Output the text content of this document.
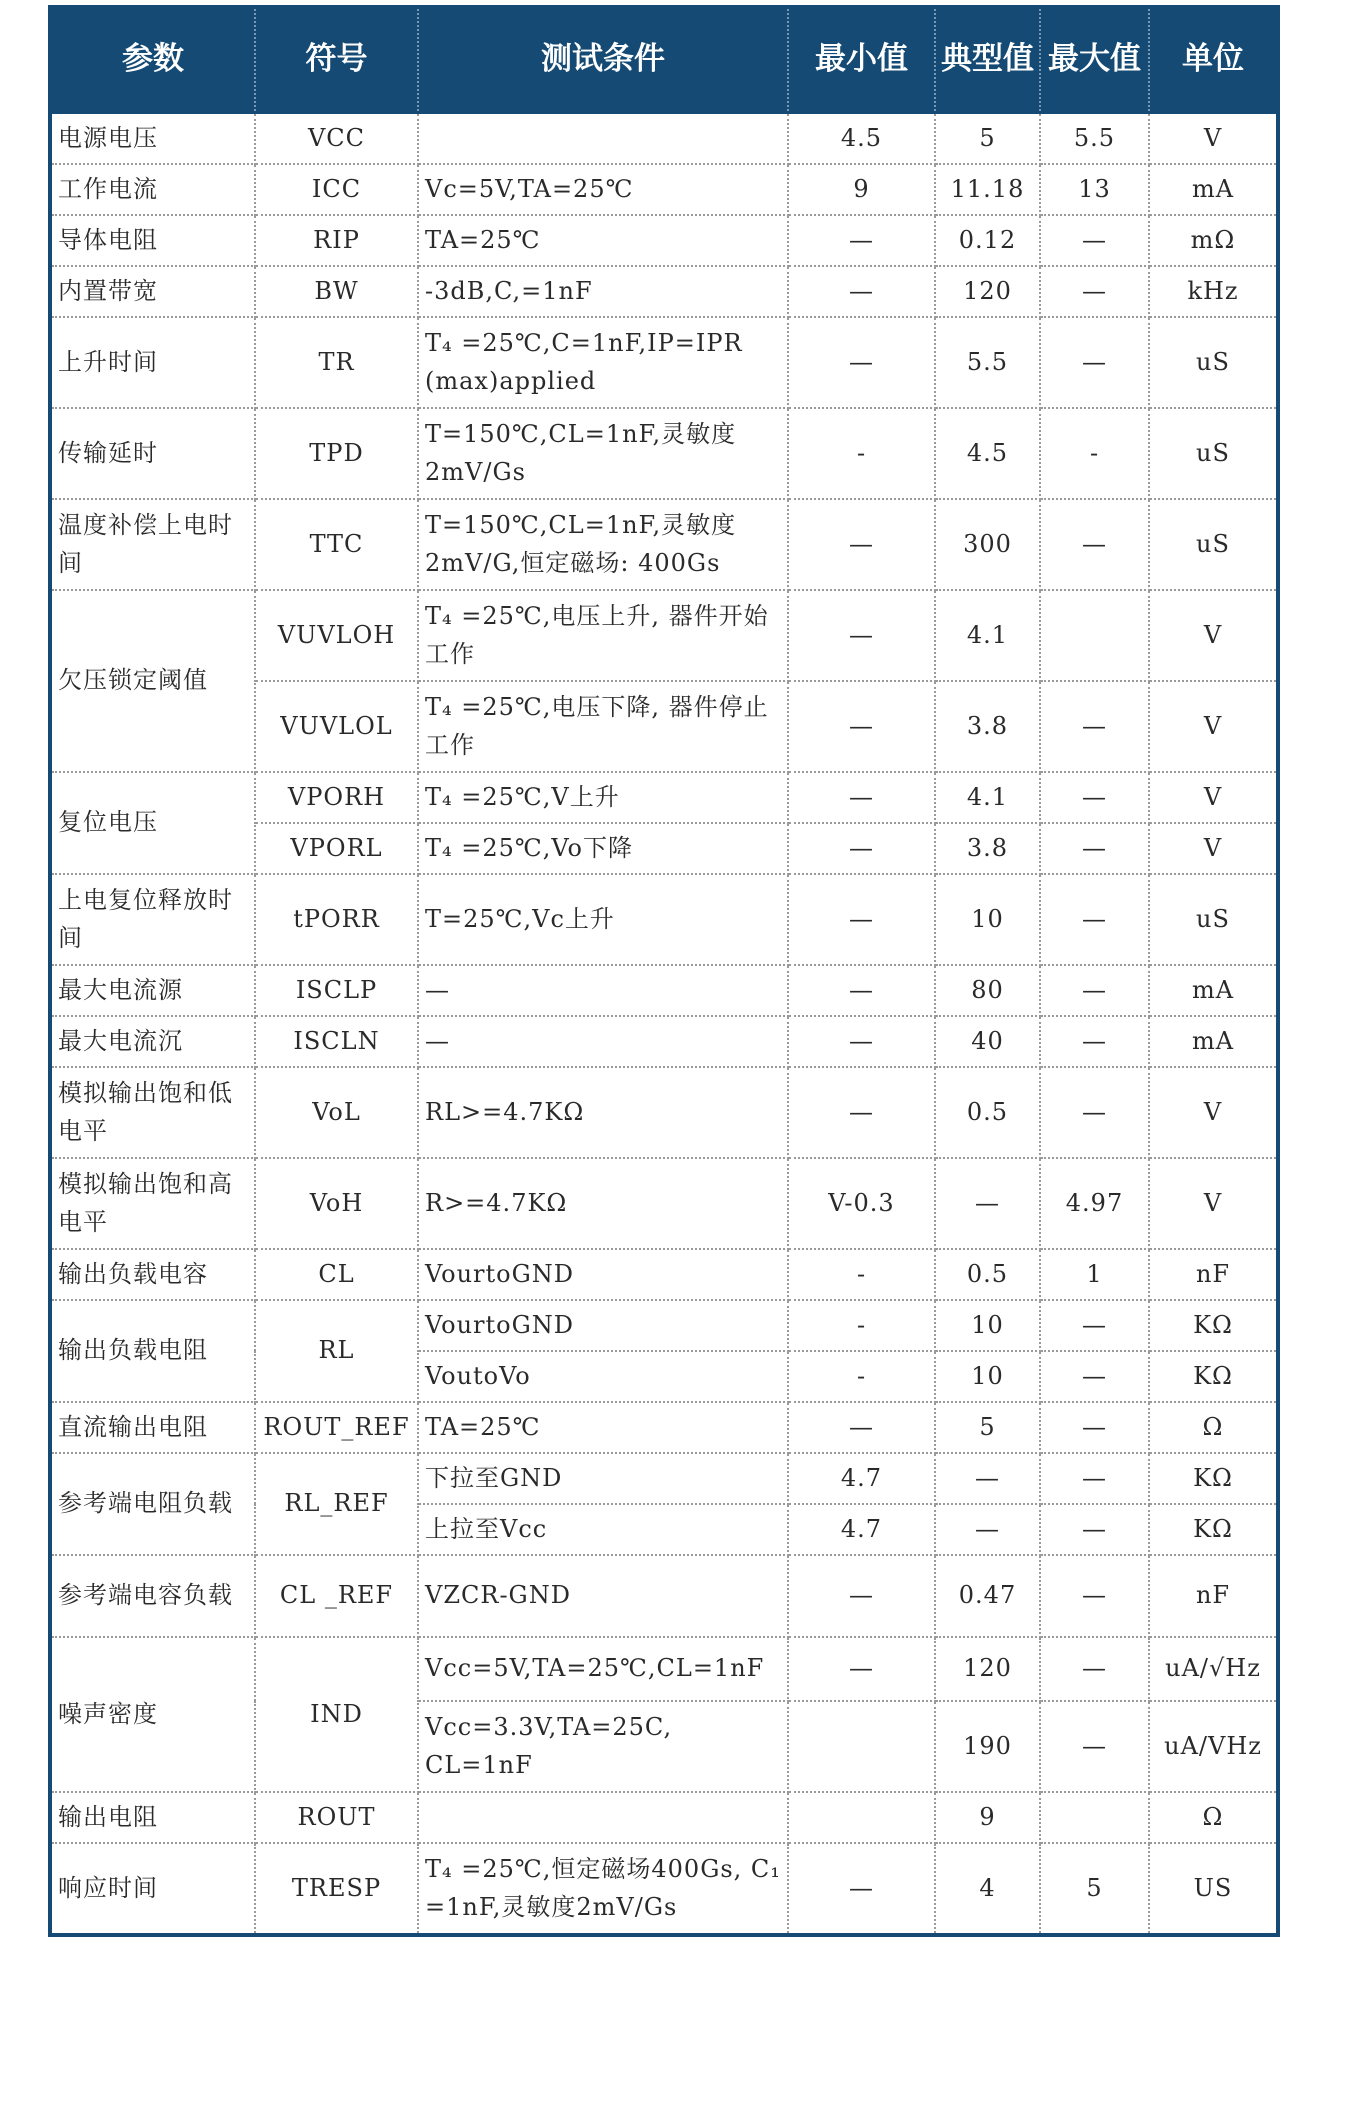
参数	符号	测试条件	最小值	典型值	最大值	单位
电源电压	VCC		4.5	5	5.5	V
工作电流	ICC	Vc=5V,TA=25℃	9	11.18	13	mA
导体电阻	RIP	TA=25℃	—	0.12	—	mΩ
内置带宽	BW	-3dB,C,=1nF	—	120	—	kHz
上升时间	TR	T₄ =25℃,C=1nF,IP=IPR (max)applied	—	5.5	—	uS
传输延时	TPD	T=150℃,CL=1nF,灵敏度 2mV/Gs	-	4.5	-	uS
温度补偿上电时间	TTC	T=150℃,CL=1nF,灵敏度 2mV/G,恒定磁场: 400Gs	—	300	—	uS
欠压锁定阈值	VUVLOH	T₄ =25℃,电压上升, 器件开始工作	—	4.1		V
	VUVLOL	T₄ =25℃,电压下降, 器件停止工作	—	3.8	—	V
复位电压	VPORH	T₄ =25℃,V上升	—	4.1	—	V
	VPORL	T₄ =25℃,Vo下降	—	3.8	—	V
上电复位释放时间	tPORR	T=25℃,Vc上升	—	10	—	uS
最大电流源	ISCLP	—	—	80	—	mA
最大电流沉	ISCLN	—	—	40	—	mA
模拟输出饱和低电平	VoL	RL>=4.7KΩ	—	0.5	—	V
模拟输出饱和高电平	VoH	R>=4.7KΩ	V-0.3	—	4.97	V
输出负载电容	CL	VourtoGND	-	0.5	1	nF
输出负载电阻	RL	VourtoGND	-	10	—	KΩ
		VoutoVo	-	10	—	KΩ
直流输出电阻	ROUT_REF	TA=25℃	—	5	—	Ω
参考端电阻负载	RL_REF	下拉至GND	4.7	—	—	KΩ
		上拉至Vcc	4.7	—	—	KΩ
参考端电容负载	CL _REF	VZCR-GND	—	0.47	—	nF
噪声密度	IND	Vcc=5V,TA=25℃,CL=1nF	—	120	—	uA/√Hz
		Vcc=3.3V,TA=25C, CL=1nF		190	—	uA/VHz
输出电阻	ROUT			9		Ω
响应时间	TRESP	T₄ =25℃,恒定磁场400Gs, C₁ =1nF,灵敏度2mV/Gs	—	4	5	US
